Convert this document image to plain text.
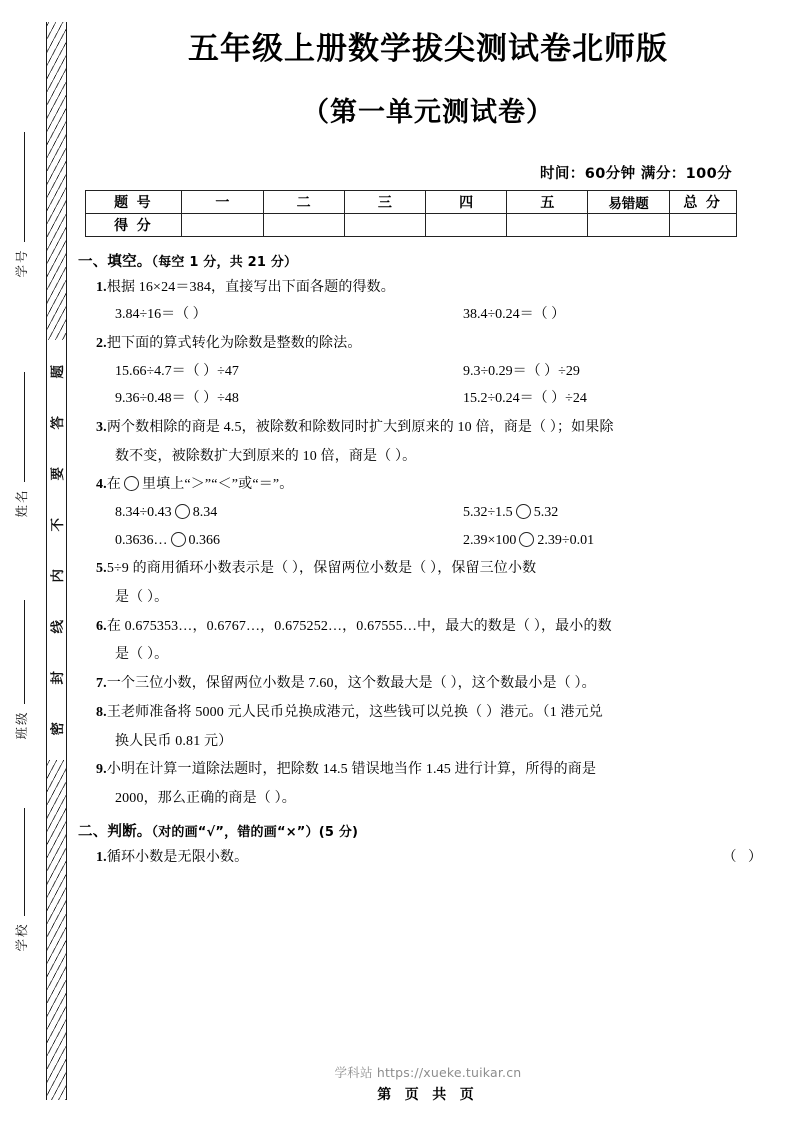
学号
姓名
班级
学校
题
答
要
不
内
线
封
密
五年级上册数学拔尖测试卷北师版
（第一单元测试卷）
时间：60分钟 满分：100分
题 号	一	二	三	四	五	易错题	总 分
得 分							
一、填空。（每空 1 分，共 21 分）
1.根据 16×24＝384，直接写出下面各题的得数。
3.84÷16＝（ ）	38.4÷0.24＝（ ）
2.把下面的算式转化为除数是整数的除法。
15.66÷4.7＝（ ）÷47	9.3÷0.29＝（ ）÷29
9.36÷0.48＝（ ）÷48	15.2÷0.24＝（ ）÷24
3.两个数相除的商是 4.5，被除数和除数同时扩大到原来的 10 倍，商是（ ）；如果除
数不变，被除数扩大到原来的 10 倍，商是（ ）。
4.在 里填上“＞”“＜”或“＝”。
8.34÷0.43 8.34	5.32÷1.5 5.32
0.3636… 0.366	2.39×100 2.39÷0.01
5.5÷9 的商用循环小数表示是（ ），保留两位小数是（ ），保留三位小数
是（ ）。
6.在 0.675353…，0.6767…，0.675252…，0.67555…中，最大的数是（ ），最小的数
是（ ）。
7.一个三位小数，保留两位小数是 7.60，这个数最大是（ ），这个数最小是（ ）。
8.王老师准备将 5000 元人民币兑换成港元，这些钱可以兑换（ ）港元。（1 港元兑
换人民币 0.81 元）
9.小明在计算一道除法题时，把除数 14.5 错误地当作 1.45 进行计算，所得的商是
2000，那么正确的商是（ ）。
二、判断。（对的画“√”，错的画“×”）(5 分)
1.循环小数是无限小数。	（ ）
学科站 https://xueke.tuikar.cn
第 页 共 页
